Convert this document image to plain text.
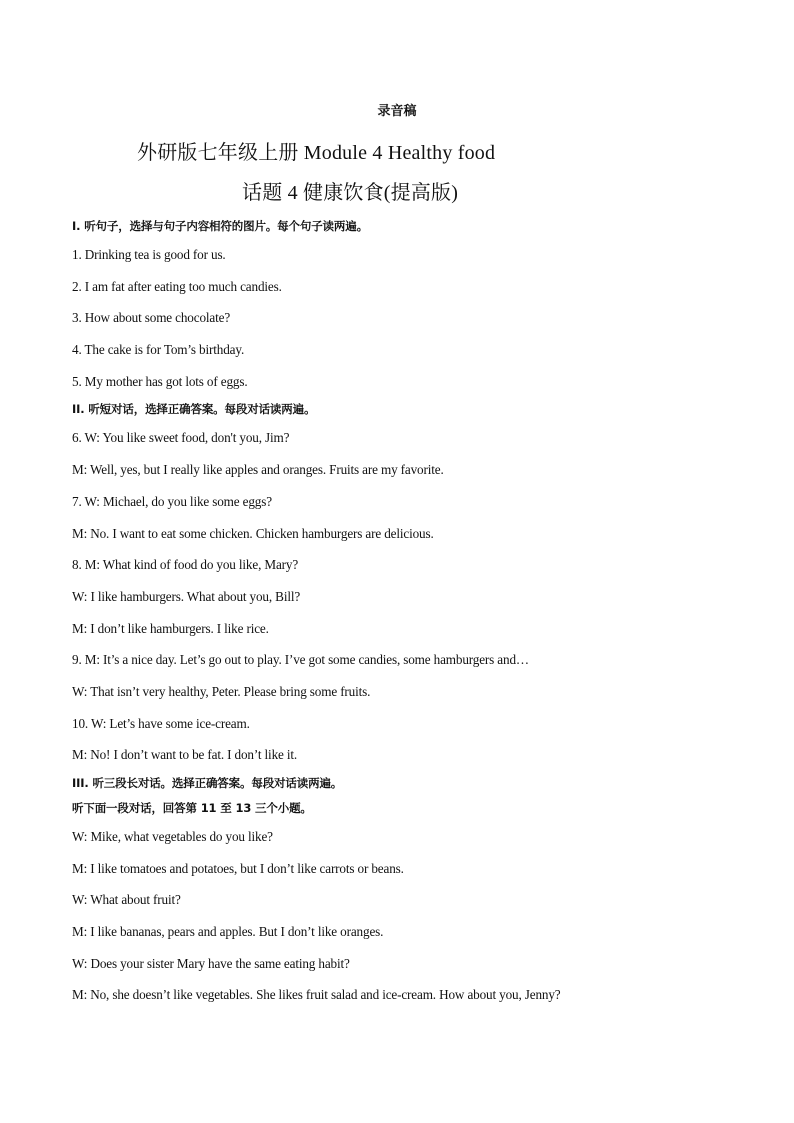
录音稿
外研版七年级上册 Module 4 Healthy food
话题 4 健康饮食(提高版)
Ⅰ. 听句子，选择与句子内容相符的图片。每个句子读两遍。
1. Drinking tea is good for us.
2. I am fat after eating too much candies.
3. How about some chocolate?
4. The cake is for Tom’s birthday.
5. My mother has got lots of eggs.
II. 听短对话，选择正确答案。每段对话读两遍。
6. W: You like sweet food, don't you, Jim?
M: Well, yes, but I really like apples and oranges. Fruits are my favorite.
7. W: Michael, do you like some eggs?
M: No. I want to eat some chicken. Chicken hamburgers are delicious.
8. M: What kind of food do you like, Mary?
W: I like hamburgers. What about you, Bill?
M: I don’t like hamburgers. I like rice.
9. M: It’s a nice day. Let’s go out to play. I’ve got some candies, some hamburgers and…
W: That isn’t very healthy, Peter. Please bring some fruits.
10. W: Let’s have some ice-cream.
M: No! I don’t want to be fat. I don’t like it.
III. 听三段长对话。选择正确答案。每段对话读两遍。
听下面一段对话，回答第 11 至 13 三个小题。
W: Mike, what vegetables do you like?
M: I like tomatoes and potatoes, but I don’t like carrots or beans.
W: What about fruit?
M: I like bananas, pears and apples. But I don’t like oranges.
W: Does your sister Mary have the same eating habit?
M: No, she doesn’t like vegetables. She likes fruit salad and ice-cream. How about you, Jenny?
